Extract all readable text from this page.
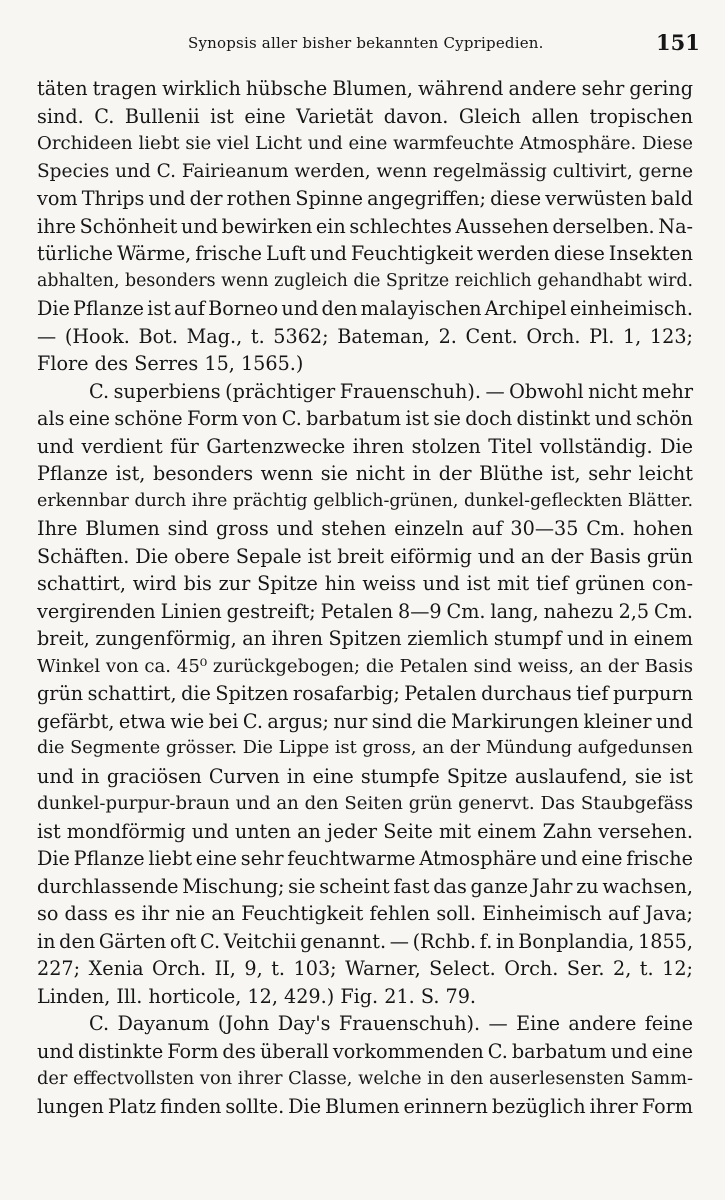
Synopsis aller bisher bekannten Cypripedien.	151

täten tragen wirklich hübsche Blumen, während andere sehr gering
sind. C. Bullenii ist eine Varietät davon. Gleich allen tropischen
Orchideen liebt sie viel Licht und eine warmfeuchte Atmosphäre. Diese
Species und C. Fairieanum werden, wenn regelmässig cultivirt, gerne
vom Thrips und der rothen Spinne angegriffen; diese verwüsten bald
ihre Schönheit und bewirken ein schlechtes Aussehen derselben. Na-
türliche Wärme, frische Luft und Feuchtigkeit werden diese Insekten
abhalten, besonders wenn zugleich die Spritze reichlich gehandhabt wird.
Die Pflanze ist auf Borneo und den malayischen Archipel einheimisch.
— (Hook. Bot. Mag., t. 5362; Bateman, 2. Cent. Orch. Pl. 1, 123;
Flore des Serres 15, 1565.)

C. superbiens (prächtiger Frauenschuh). — Obwohl nicht mehr
als eine schöne Form von C. barbatum ist sie doch distinkt und schön
und verdient für Gartenzwecke ihren stolzen Titel vollständig. Die
Pflanze ist, besonders wenn sie nicht in der Blüthe ist, sehr leicht
erkennbar durch ihre prächtig gelblich-grünen, dunkel-gefleckten Blätter.
Ihre Blumen sind gross und stehen einzeln auf 30—35 Cm. hohen
Schäften. Die obere Sepale ist breit eiförmig und an der Basis grün
schattirt, wird bis zur Spitze hin weiss und ist mit tief grünen con-
vergirenden Linien gestreift; Petalen 8—9 Cm. lang, nahezu 2,5 Cm.
breit, zungenförmig, an ihren Spitzen ziemlich stumpf und in einem
Winkel von ca. 45⁰ zurückgebogen; die Petalen sind weiss, an der Basis
grün schattirt, die Spitzen rosafarbig; Petalen durchaus tief purpurn
gefärbt, etwa wie bei C. argus; nur sind die Markirungen kleiner und
die Segmente grösser. Die Lippe ist gross, an der Mündung aufgedunsen
und in graciösen Curven in eine stumpfe Spitze auslaufend, sie ist
dunkel-purpur-braun und an den Seiten grün genervt. Das Staubgefäss
ist mondförmig und unten an jeder Seite mit einem Zahn versehen.
Die Pflanze liebt eine sehr feuchtwarme Atmosphäre und eine frische
durchlassende Mischung; sie scheint fast das ganze Jahr zu wachsen,
so dass es ihr nie an Feuchtigkeit fehlen soll. Einheimisch auf Java;
in den Gärten oft C. Veitchii genannt. — (Rchb. f. in Bonplandia, 1855,
227; Xenia Orch. II, 9, t. 103; Warner, Select. Orch. Ser. 2, t. 12;
Linden, Ill. horticole, 12, 429.) Fig. 21. S. 79.

C. Dayanum (John Day's Frauenschuh). — Eine andere feine
und distinkte Form des überall vorkommenden C. barbatum und eine
der effectvollsten von ihrer Classe, welche in den auserlesensten Samm-
lungen Platz finden sollte. Die Blumen erinnern bezüglich ihrer Form
